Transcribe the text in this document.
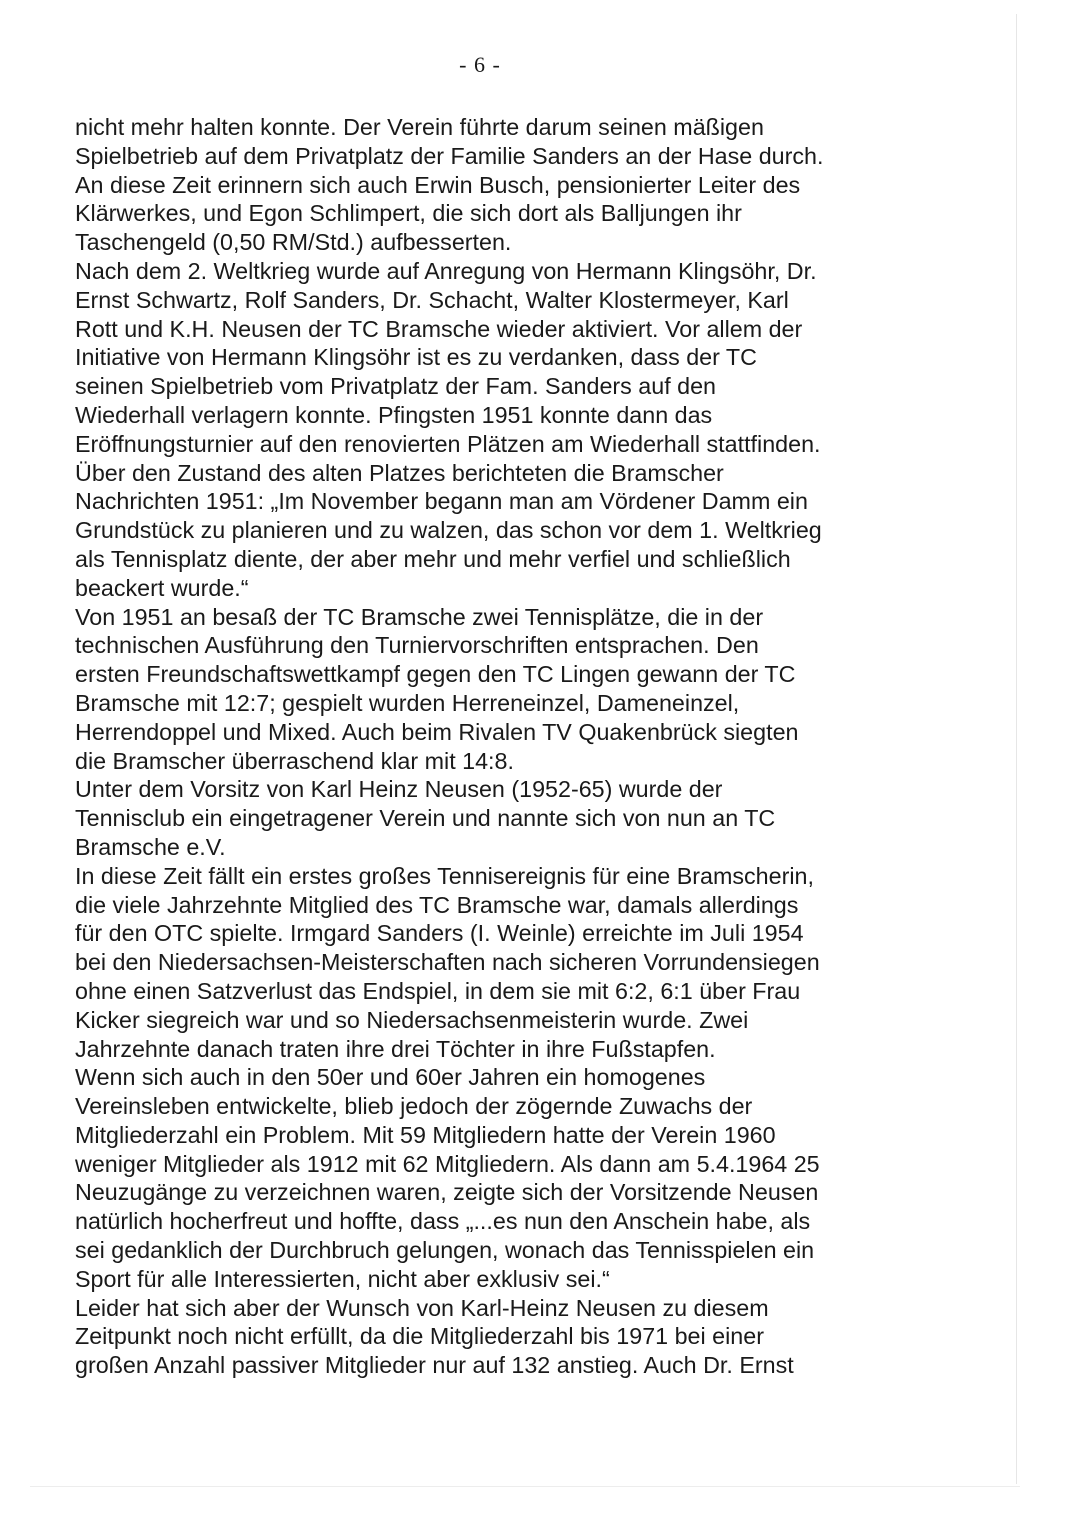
- 6 -
nicht mehr halten konnte. Der Verein führte darum seinen mäßigen
Spielbetrieb auf dem Privatplatz der Familie Sanders an der Hase durch.
An diese Zeit erinnern sich auch Erwin Busch, pensionierter Leiter des
Klärwerkes, und Egon Schlimpert, die sich dort als Balljungen ihr
Taschengeld (0,50 RM/Std.) aufbesserten.
Nach dem 2. Weltkrieg wurde auf Anregung von Hermann Klingsöhr, Dr.
Ernst Schwartz, Rolf Sanders, Dr. Schacht, Walter Klostermeyer, Karl
Rott und K.H. Neusen der TC Bramsche wieder aktiviert. Vor allem der
Initiative von Hermann Klingsöhr ist es zu verdanken, dass der TC
seinen Spielbetrieb vom Privatplatz der Fam. Sanders auf den
Wiederhall verlagern konnte. Pfingsten 1951 konnte dann das
Eröffnungsturnier auf den renovierten Plätzen am Wiederhall stattfinden.
Über den Zustand des alten Platzes berichteten die Bramscher
Nachrichten 1951: „Im November begann man am Vördener Damm ein
Grundstück zu planieren und zu walzen, das schon vor dem 1. Weltkrieg
als Tennisplatz diente, der aber mehr und mehr verfiel und schließlich
beackert wurde.“
Von 1951 an besaß der TC Bramsche zwei Tennisplätze, die in der
technischen Ausführung den Turniervorschriften entsprachen. Den
ersten Freundschaftswettkampf gegen den TC Lingen gewann der TC
Bramsche mit 12:7; gespielt wurden Herreneinzel, Dameneinzel,
Herrendoppel und Mixed. Auch beim Rivalen TV Quakenbrück siegten
die Bramscher überraschend klar mit 14:8.
Unter dem Vorsitz von Karl Heinz Neusen (1952-65) wurde der
Tennisclub ein eingetragener Verein und nannte sich von nun an TC
Bramsche e.V.
In diese Zeit fällt ein erstes großes Tennisereignis für eine Bramscherin,
die viele Jahrzehnte Mitglied des TC Bramsche war, damals allerdings
für den OTC spielte. Irmgard Sanders (I. Weinle) erreichte im Juli 1954
bei den Niedersachsen-Meisterschaften nach sicheren Vorrundensiegen
ohne einen Satzverlust das Endspiel, in dem sie mit 6:2, 6:1 über Frau
Kicker siegreich war und so Niedersachsenmeisterin wurde. Zwei
Jahrzehnte danach traten ihre drei Töchter in ihre Fußstapfen.
Wenn sich auch in den 50er und 60er Jahren ein homogenes
Vereinsleben entwickelte, blieb jedoch der zögernde Zuwachs der
Mitgliederzahl ein Problem. Mit 59 Mitgliedern hatte der Verein 1960
weniger Mitglieder als 1912 mit 62 Mitgliedern. Als dann am 5.4.1964 25
Neuzugänge zu verzeichnen waren, zeigte sich der Vorsitzende Neusen
natürlich hocherfreut und hoffte, dass „...es nun den Anschein habe, als
sei gedanklich der Durchbruch gelungen, wonach das Tennisspielen ein
Sport für alle Interessierten, nicht aber exklusiv sei.“
Leider hat sich aber der Wunsch von Karl-Heinz Neusen zu diesem
Zeitpunkt noch nicht erfüllt, da die Mitgliederzahl bis 1971 bei einer
großen Anzahl passiver Mitglieder nur auf 132 anstieg. Auch Dr. Ernst
